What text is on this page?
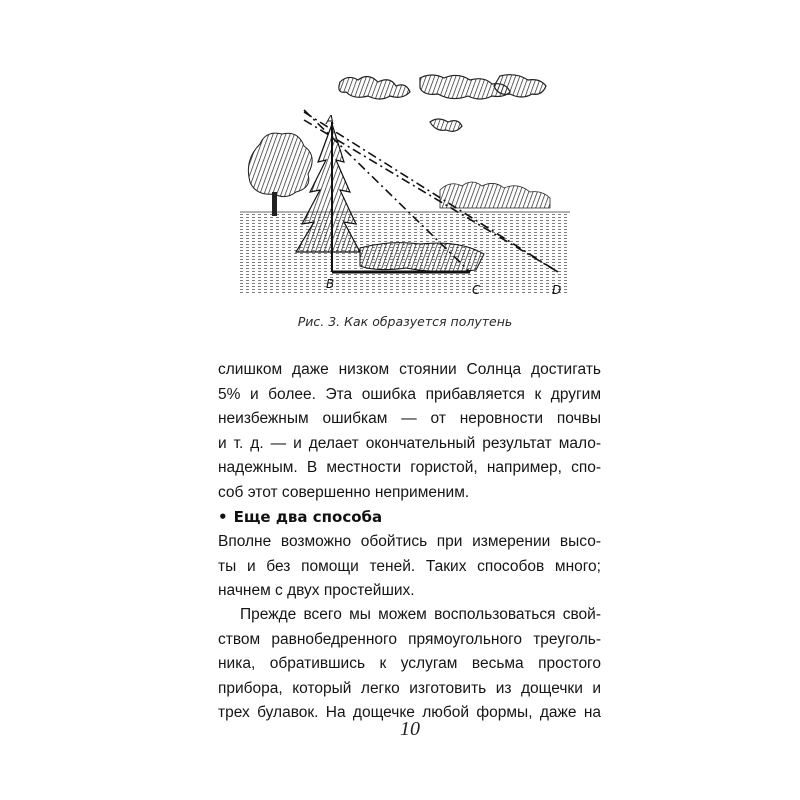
A
B	C	D
Рис. 3. Как образуется полутень
слишком даже низком стоянии Солнца достигать
5% и более. Эта ошибка прибавляется к другим
неизбежным ошибкам — от неровности почвы
и т. д. — и делает окончательный результат мало-
надежным. В местности гористой, например, спо-
соб этот совершенно неприменим.
• Еще два способа
Вполне возможно обойтись при измерении высо-
ты и без помощи теней. Таких способов много;
начнем с двух простейших.
Прежде всего мы можем воспользоваться свой-
ством равнобедренного прямоугольного треуголь-
ника, обратившись к услугам весьма простого
прибора, который легко изготовить из дощечки и
трех булавок. На дощечке любой формы, даже на
10
